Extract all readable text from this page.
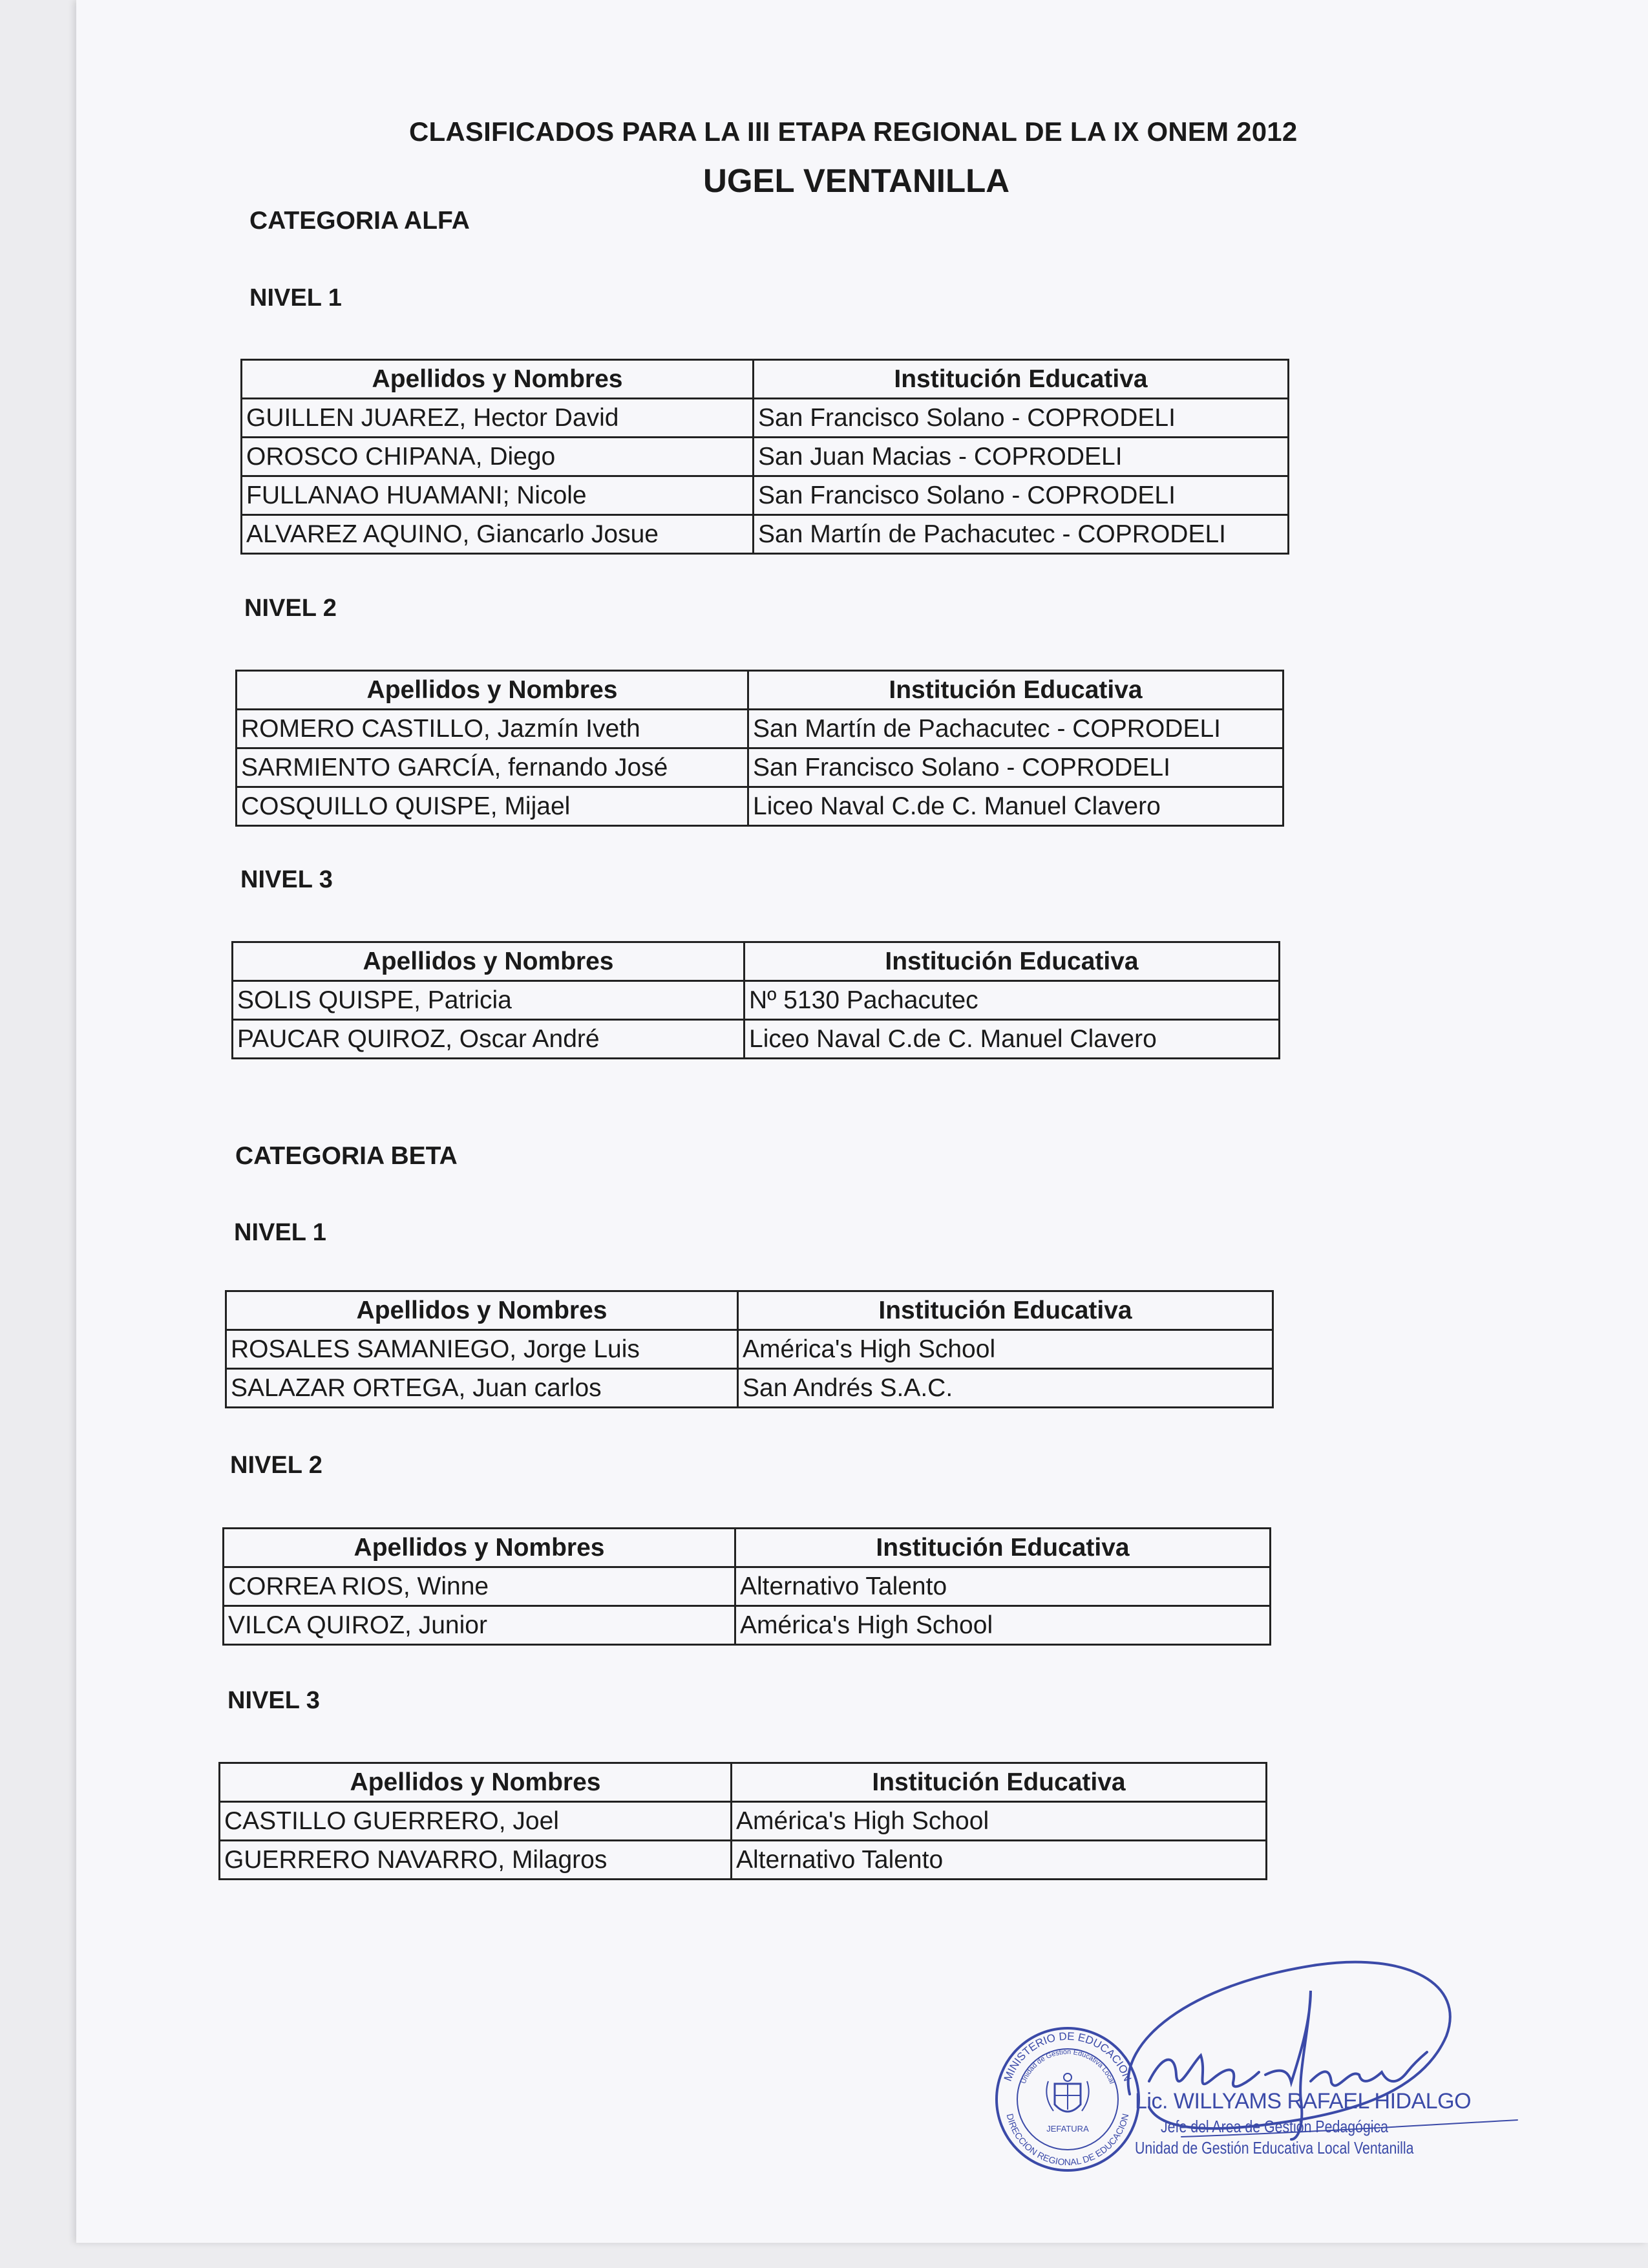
CLASIFICADOS PARA LA III ETAPA REGIONAL DE LA IX ONEM 2012
UGEL VENTANILLA
CATEGORIA ALFA
NIVEL 1
Apellidos y Nombres	Institución Educativa
GUILLEN JUAREZ, Hector David	San Francisco Solano - COPRODELI
OROSCO CHIPANA, Diego	San Juan Macias - COPRODELI
FULLANAO HUAMANI; Nicole	San Francisco Solano - COPRODELI
ALVAREZ AQUINO, Giancarlo Josue	San Martín de Pachacutec - COPRODELI
NIVEL 2
Apellidos y Nombres	Institución Educativa
ROMERO CASTILLO, Jazmín Iveth	San Martín de Pachacutec - COPRODELI
SARMIENTO GARCÍA, fernando José	San Francisco Solano - COPRODELI
COSQUILLO QUISPE, Mijael	Liceo Naval C.de C. Manuel Clavero
NIVEL 3
Apellidos y Nombres	Institución Educativa
SOLIS QUISPE, Patricia	Nº 5130 Pachacutec
PAUCAR QUIROZ, Oscar André	Liceo Naval C.de C. Manuel Clavero
CATEGORIA BETA
NIVEL 1
Apellidos y Nombres	Institución Educativa
ROSALES SAMANIEGO, Jorge Luis	América's High School
SALAZAR ORTEGA, Juan carlos	San Andrés S.A.C.
NIVEL 2
Apellidos y Nombres	Institución Educativa
CORREA RIOS, Winne	Alternativo Talento
VILCA QUIROZ, Junior	América's High School
NIVEL 3
Apellidos y Nombres	Institución Educativa
CASTILLO GUERRERO, Joel	América's High School
GUERRERO NAVARRO, Milagros	Alternativo Talento
MINISTERIO DE EDUCACION
Unidad de Gestión Educativa Local
DIRECCION REGIONAL DE EDUCACION
JEFATURA
Lic. WILLYAMS RAFAEL HIDALGO
Jefe del Area de Gestión Pedagógica
Unidad de Gestión Educativa Local Ventanilla
